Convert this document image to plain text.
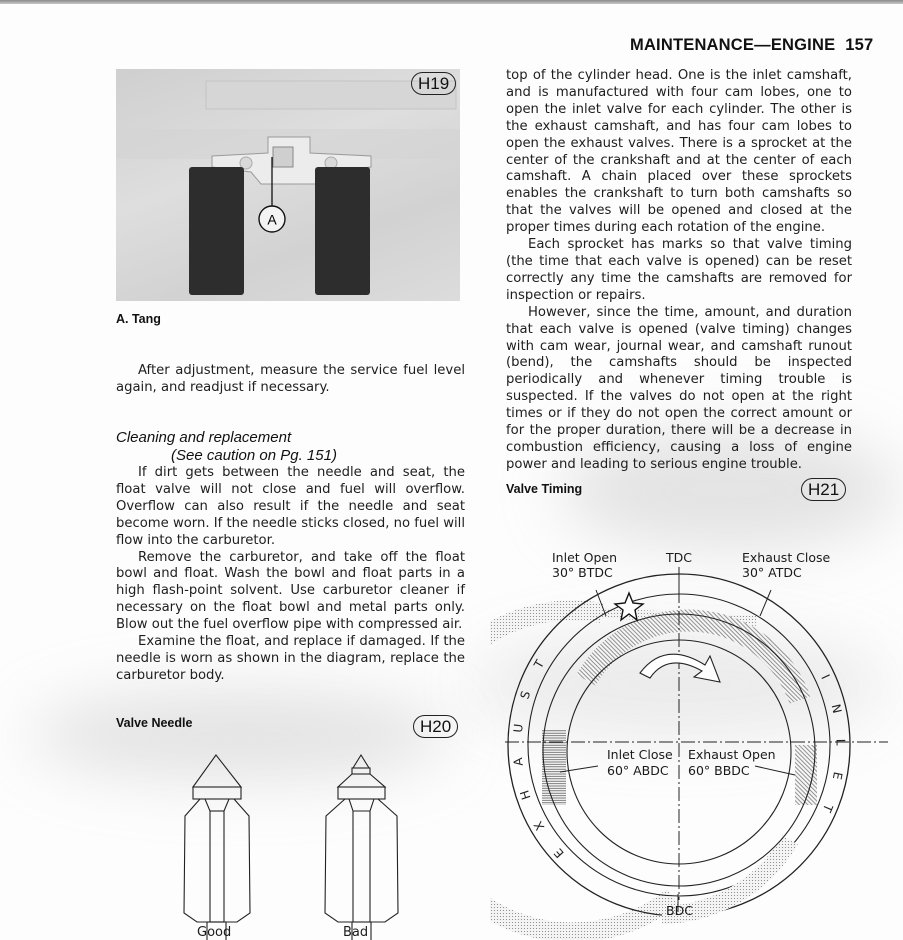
MAINTENANCE—ENGINE 157
A
H19
A. Tang

After adjustment, measure the service fuel level again, and readjust if necessary.

Cleaning and replacement
(See caution on Pg. 151)

If dirt gets between the needle and seat, the float valve will not close and fuel will overflow. Overflow can also result if the needle and seat become worn. If the needle sticks closed, no fuel will flow into the carburetor.

Remove the carburetor, and take off the float bowl and float. Wash the bowl and float parts in a high flash-point solvent. Use carburetor cleaner if necessary on the float bowl and metal parts only. Blow out the fuel overflow pipe with compressed air.

Examine the float, and replace if damaged. If the needle is worn as shown in the diagram, replace the carburetor body.

Valve Needle	H20
Good	Bad

top of the cylinder head. One is the inlet camshaft, and is manufactured with four cam lobes, one to open the inlet valve for each cylinder. The other is the exhaust camshaft, and has four cam lobes to open the exhaust valves. There is a sprocket at the center of the crankshaft and at the center of each camshaft. A chain placed over these sprockets enables the crankshaft to turn both camshafts so that the valves will be opened and closed at the proper times during each rotation of the engine.

Each sprocket has marks so that valve timing (the time that each valve is opened) can be reset correctly any time the camshafts are removed for inspection or repairs.

However, since the time, amount, and duration that each valve is opened (valve timing) changes with cam wear, journal wear, and camshaft runout (bend), the camshafts should be inspected periodically and whenever timing trouble is suspected. If the valves do not open at the right times or if they do not open the correct amount or for the proper duration, there will be a decrease in combustion efficiency, causing a loss of engine power and leading to serious engine trouble.

Valve Timing	H21
Inlet Open
30° BTDC
TDC	Exhaust Close
30° ATDC
Inlet Close
60° ABDC
Exhaust Open
60° BBDC
BDC
E
X
H
A
U
S
T
I
N
L
E
T
